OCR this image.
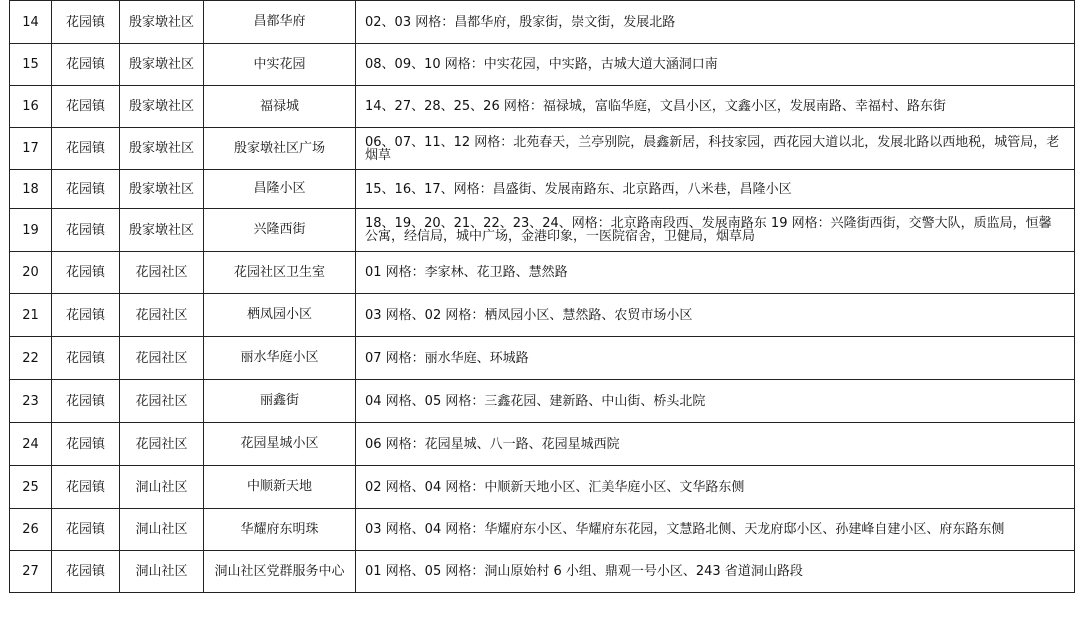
14	花园镇	殷家墩社区	昌都华府	02、03 网格：昌都华府，殷家街，崇文街，发展北路
15	花园镇	殷家墩社区	中实花园	08、09、10 网格：中实花园，中实路，古城大道大涵洞口南
16	花园镇	殷家墩社区	福禄城	14、27、28、25、26 网格：福禄城，富临华庭，文昌小区，文鑫小区，发展南路、幸福村、路东街
17	花园镇	殷家墩社区	殷家墩社区广场	06、07、11、12 网格：北苑春天，兰亭别院，晨鑫新居，科技家园，西花园大道以北，发展北路以西地税，城管局，老烟草
18	花园镇	殷家墩社区	昌隆小区	15、16、17、网格：昌盛街、发展南路东、北京路西，八米巷，昌隆小区
19	花园镇	殷家墩社区	兴隆西街	18、19、20、21、22、23、24、网格：北京路南段西、发展南路东 19 网格：兴隆街西街，交警大队，质监局，恒馨公寓，经信局，城中广场，金港印象，一医院宿舍，卫健局，烟草局
20	花园镇	花园社区	花园社区卫生室	01 网格：李家林、花卫路、慧然路
21	花园镇	花园社区	栖凤园小区	03 网格、02 网格：栖凤园小区、慧然路、农贸市场小区
22	花园镇	花园社区	丽水华庭小区	07 网格：丽水华庭、环城路
23	花园镇	花园社区	丽鑫街	04 网格、05 网格：三鑫花园、建新路、中山街、桥头北院
24	花园镇	花园社区	花园星城小区	06 网格：花园星城、八一路、花园星城西院
25	花园镇	洞山社区	中顺新天地	02 网格、04 网格：中顺新天地小区、汇美华庭小区、文华路东侧
26	花园镇	洞山社区	华耀府东明珠	03 网格、04 网格：华耀府东小区、华耀府东花园，文慧路北侧、天龙府邸小区、孙建峰自建小区、府东路东侧
27	花园镇	洞山社区	洞山社区党群服务中心	01 网格、05 网格：洞山原始村 6 小组、鼎观一号小区、243 省道洞山路段
